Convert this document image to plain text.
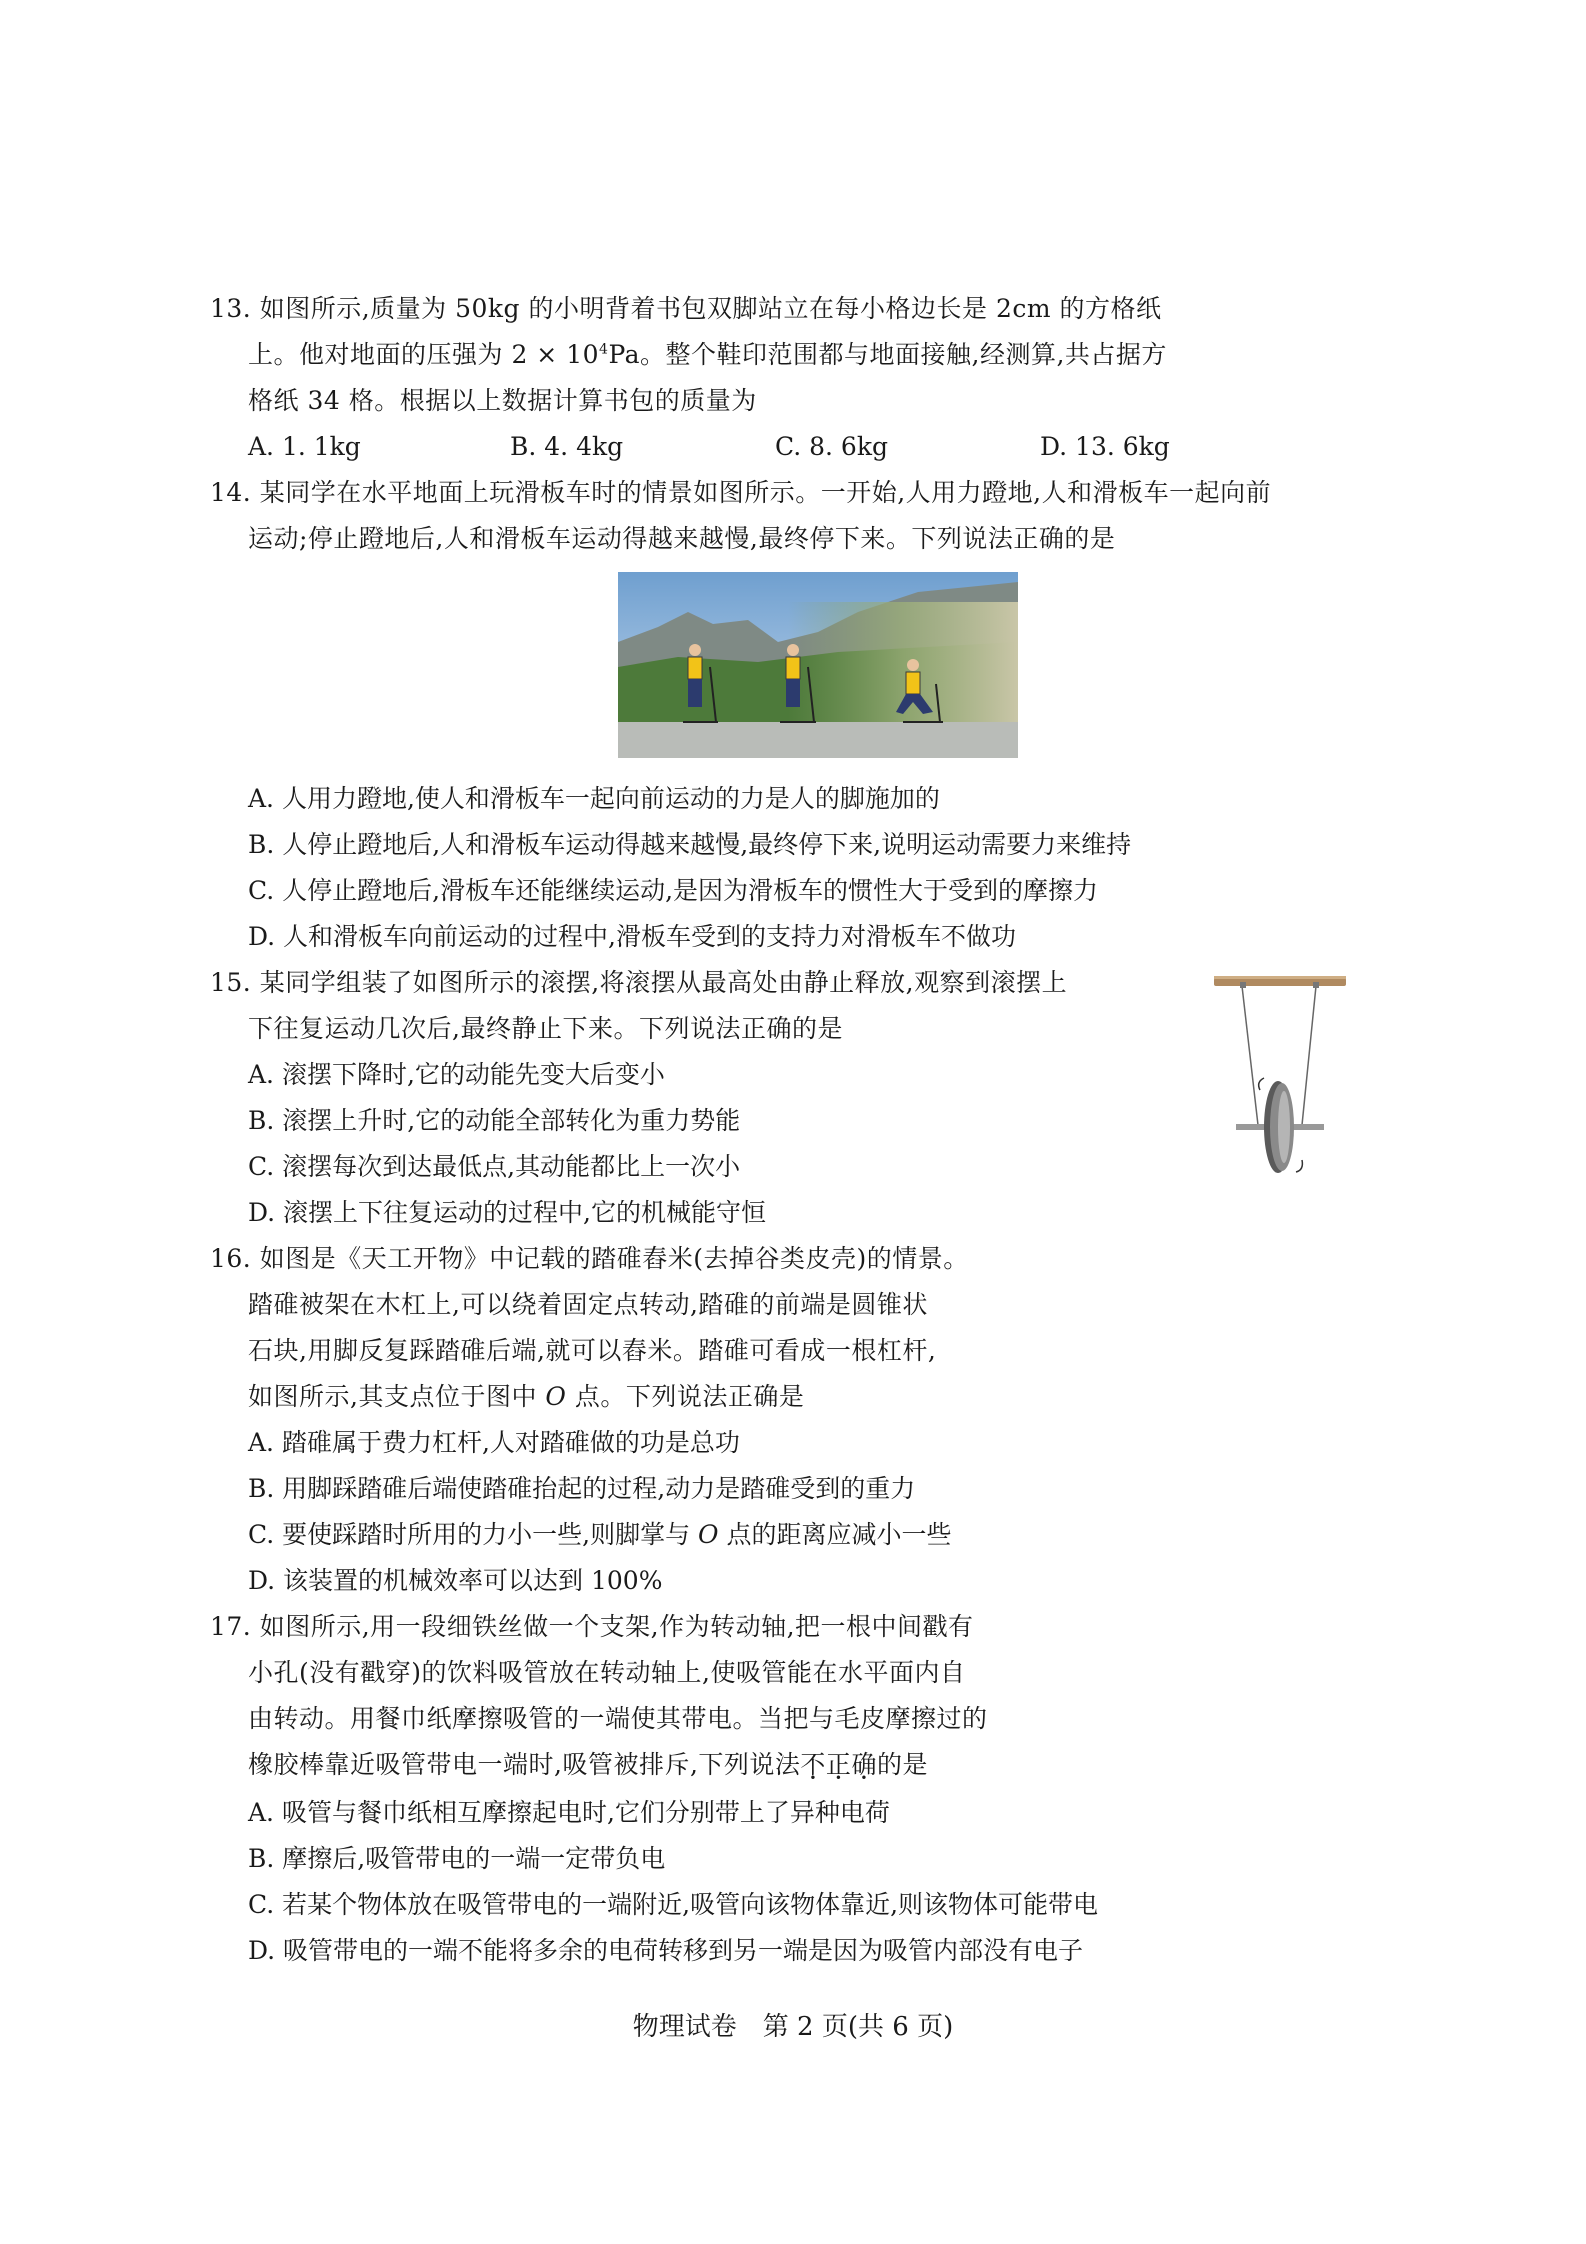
13. 如图所示,质量为 50kg 的小明背着书包双脚站立在每小格边长是 2cm 的方格纸
上。他对地面的压强为 $2 \times 10^4Pa$。整个鞋印范围都与地面接触,经测算,共占据方
格纸 34 格。根据以上数据计算书包的质量为
A. 1. 1kg	B. 4. 4kg	C. 8. 6kg	D. 13. 6kg
14. 某同学在水平地面上玩滑板车时的情景如图所示。一开始,人用力蹬地,人和滑板车一起向前
运动;停止蹬地后,人和滑板车运动得越来越慢,最终停下来。下列说法正确的是
A. 人用力蹬地,使人和滑板车一起向前运动的力是人的脚施加的
B. 人停止蹬地后,人和滑板车运动得越来越慢,最终停下来,说明运动需要力来维持
C. 人停止蹬地后,滑板车还能继续运动,是因为滑板车的惯性大于受到的摩擦力
D. 人和滑板车向前运动的过程中,滑板车受到的支持力对滑板车不做功
15. 某同学组装了如图所示的滚摆,将滚摆从最高处由静止释放,观察到滚摆上
下往复运动几次后,最终静止下来。下列说法正确的是
A. 滚摆下降时,它的动能先变大后变小
B. 滚摆上升时,它的动能全部转化为重力势能
C. 滚摆每次到达最低点,其动能都比上一次小
D. 滚摆上下往复运动的过程中,它的机械能守恒
16. 如图是《天工开物》中记载的踏碓舂米(去掉谷类皮壳)的情景。
踏碓被架在木杠上,可以绕着固定点转动,踏碓的前端是圆锥状
石块,用脚反复踩踏碓后端,就可以舂米。踏碓可看成一根杠杆,
如图所示,其支点位于图中 O 点。下列说法正确是
A. 踏碓属于费力杠杆,人对踏碓做的功是总功
B. 用脚踩踏碓后端使踏碓抬起的过程,动力是踏碓受到的重力
C. 要使踩踏时所用的力小一些,则脚掌与 O 点的距离应减小一些
D. 该装置的机械效率可以达到 100%
17. 如图所示,用一段细铁丝做一个支架,作为转动轴,把一根中间戳有
小孔(没有戳穿)的饮料吸管放在转动轴上,使吸管能在水平面内自
由转动。用餐巾纸摩擦吸管的一端使其带电。当把与毛皮摩擦过的
橡胶棒靠近吸管带电一端时,吸管被排斥,下列说法不正确的是
A. 吸管与餐巾纸相互摩擦起电时,它们分别带上了异种电荷
B. 摩擦后,吸管带电的一端一定带负电
C. 若某个物体放在吸管带电的一端附近,吸管向该物体靠近,则该物体可能带电
D. 吸管带电的一端不能将多余的电荷转移到另一端是因为吸管内部没有电子
物理试卷　第 2 页(共 6 页)
